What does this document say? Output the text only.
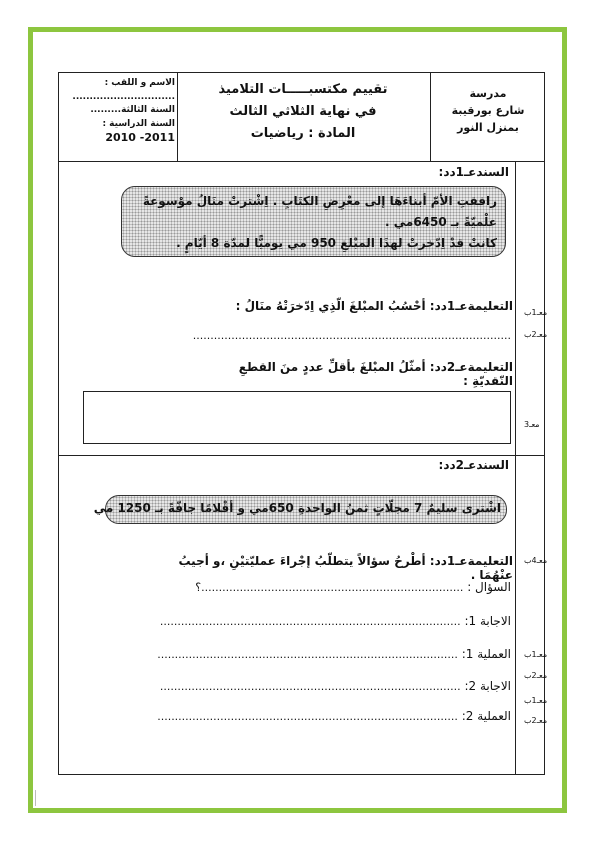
الاسم و اللقب :
..............................
السنة الثالثة.........
السنة الدراسية :
2011- 2010
تقييم مكتسبـــــات التلاميذ
في نهاية الثلاثي الثالث
المادة : رياضيات
مدرسة
شارع بورقيبة
بمنزل النور
السندعـ1دد:
رافقتِ الأمّ أبناءَهَا إلى معْرِضِ الكتَابِ . اِشْترتْ منَالُ موْسوعةً
علْميّةً بـ 6450مي .
كانتْ قدْ اِدّخرتْ لهذَا المبْلغِ 950 مي يوميًّا لمدّة 8 أيّامٍ .
التعليمةعـ1دد: أحْسُبُ المبْلغَ الّذِي اِدّخرَتْهُ منَالُ :
...........................................................................................
التعليمةعـ2دد: أمثّلُ المبْلغَ بأقلِّ عددٍ منَ القطعِ النّقديّةِ :
السندعـ2دد:
اشْترى سليمٌ 7 مجلّاتٍ ثمنُ الواحدةِ 650مي و أقْلامًا جافّةً بـ 1250 مي
التعليمةعـ1دد: أطْرحُ سؤالاً يتطلّبُ إجْراءَ عمليّتيْنِ ،و أجيبُ عنْهُمَا .
السؤال : ...........................................................................؟
الاجابة 1: ......................................................................................
العملية 1: ......................................................................................
الاجابة 2: ......................................................................................
العملية 2: ......................................................................................
معـ1ب
معـ2ب
معـ3
معـ4ب
معـ1ب
معـ2ب
معـ1ب
معـ2ب
